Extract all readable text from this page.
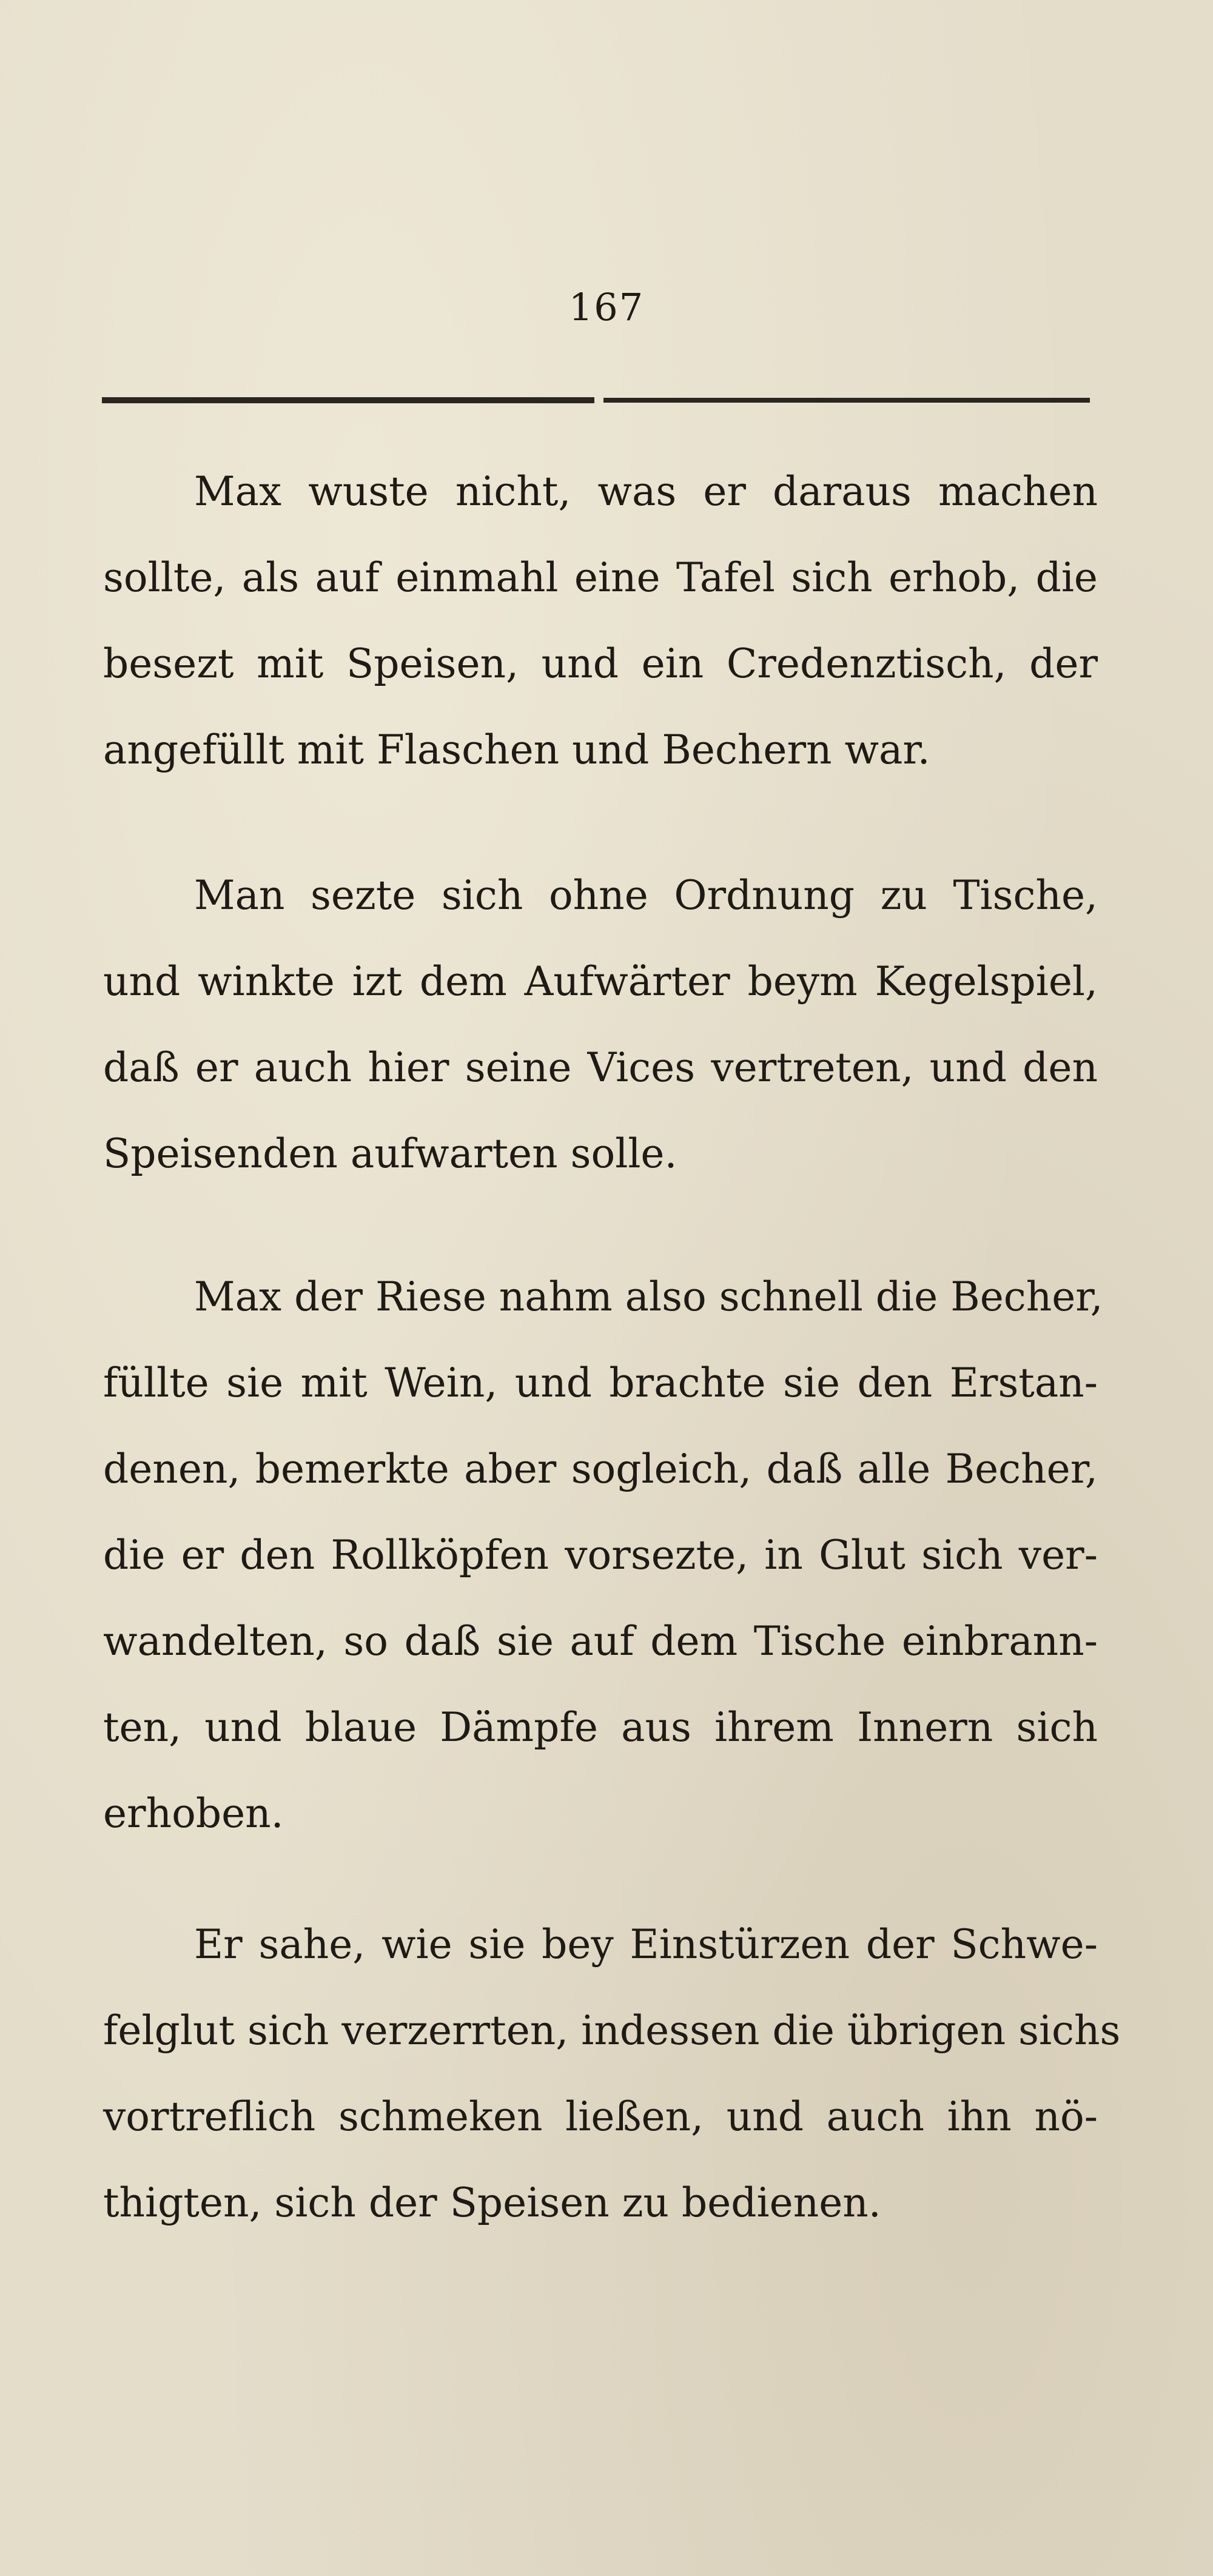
167
Max wuste nicht, was er daraus machen
sollte, als auf einmahl eine Tafel sich erhob, die
besezt mit Speisen, und ein Credenztisch, der
angefüllt mit Flaschen und Bechern war.
Man sezte sich ohne Ordnung zu Tische,
und winkte izt dem Aufwärter beym Kegelspiel,
daß er auch hier seine Vices vertreten, und den
Speisenden aufwarten solle.
Max der Riese nahm also schnell die Becher,
füllte sie mit Wein, und brachte sie den Erstan-
denen, bemerkte aber sogleich, daß alle Becher,
die er den Rollköpfen vorsezte, in Glut sich ver-
wandelten, so daß sie auf dem Tische einbrann-
ten, und blaue Dämpfe aus ihrem Innern sich
erhoben.
Er sahe, wie sie bey Einstürzen der Schwe-
felglut sich verzerrten, indessen die übrigen sichs
vortreflich schmeken ließen, und auch ihn nö-
thigten, sich der Speisen zu bedienen.
